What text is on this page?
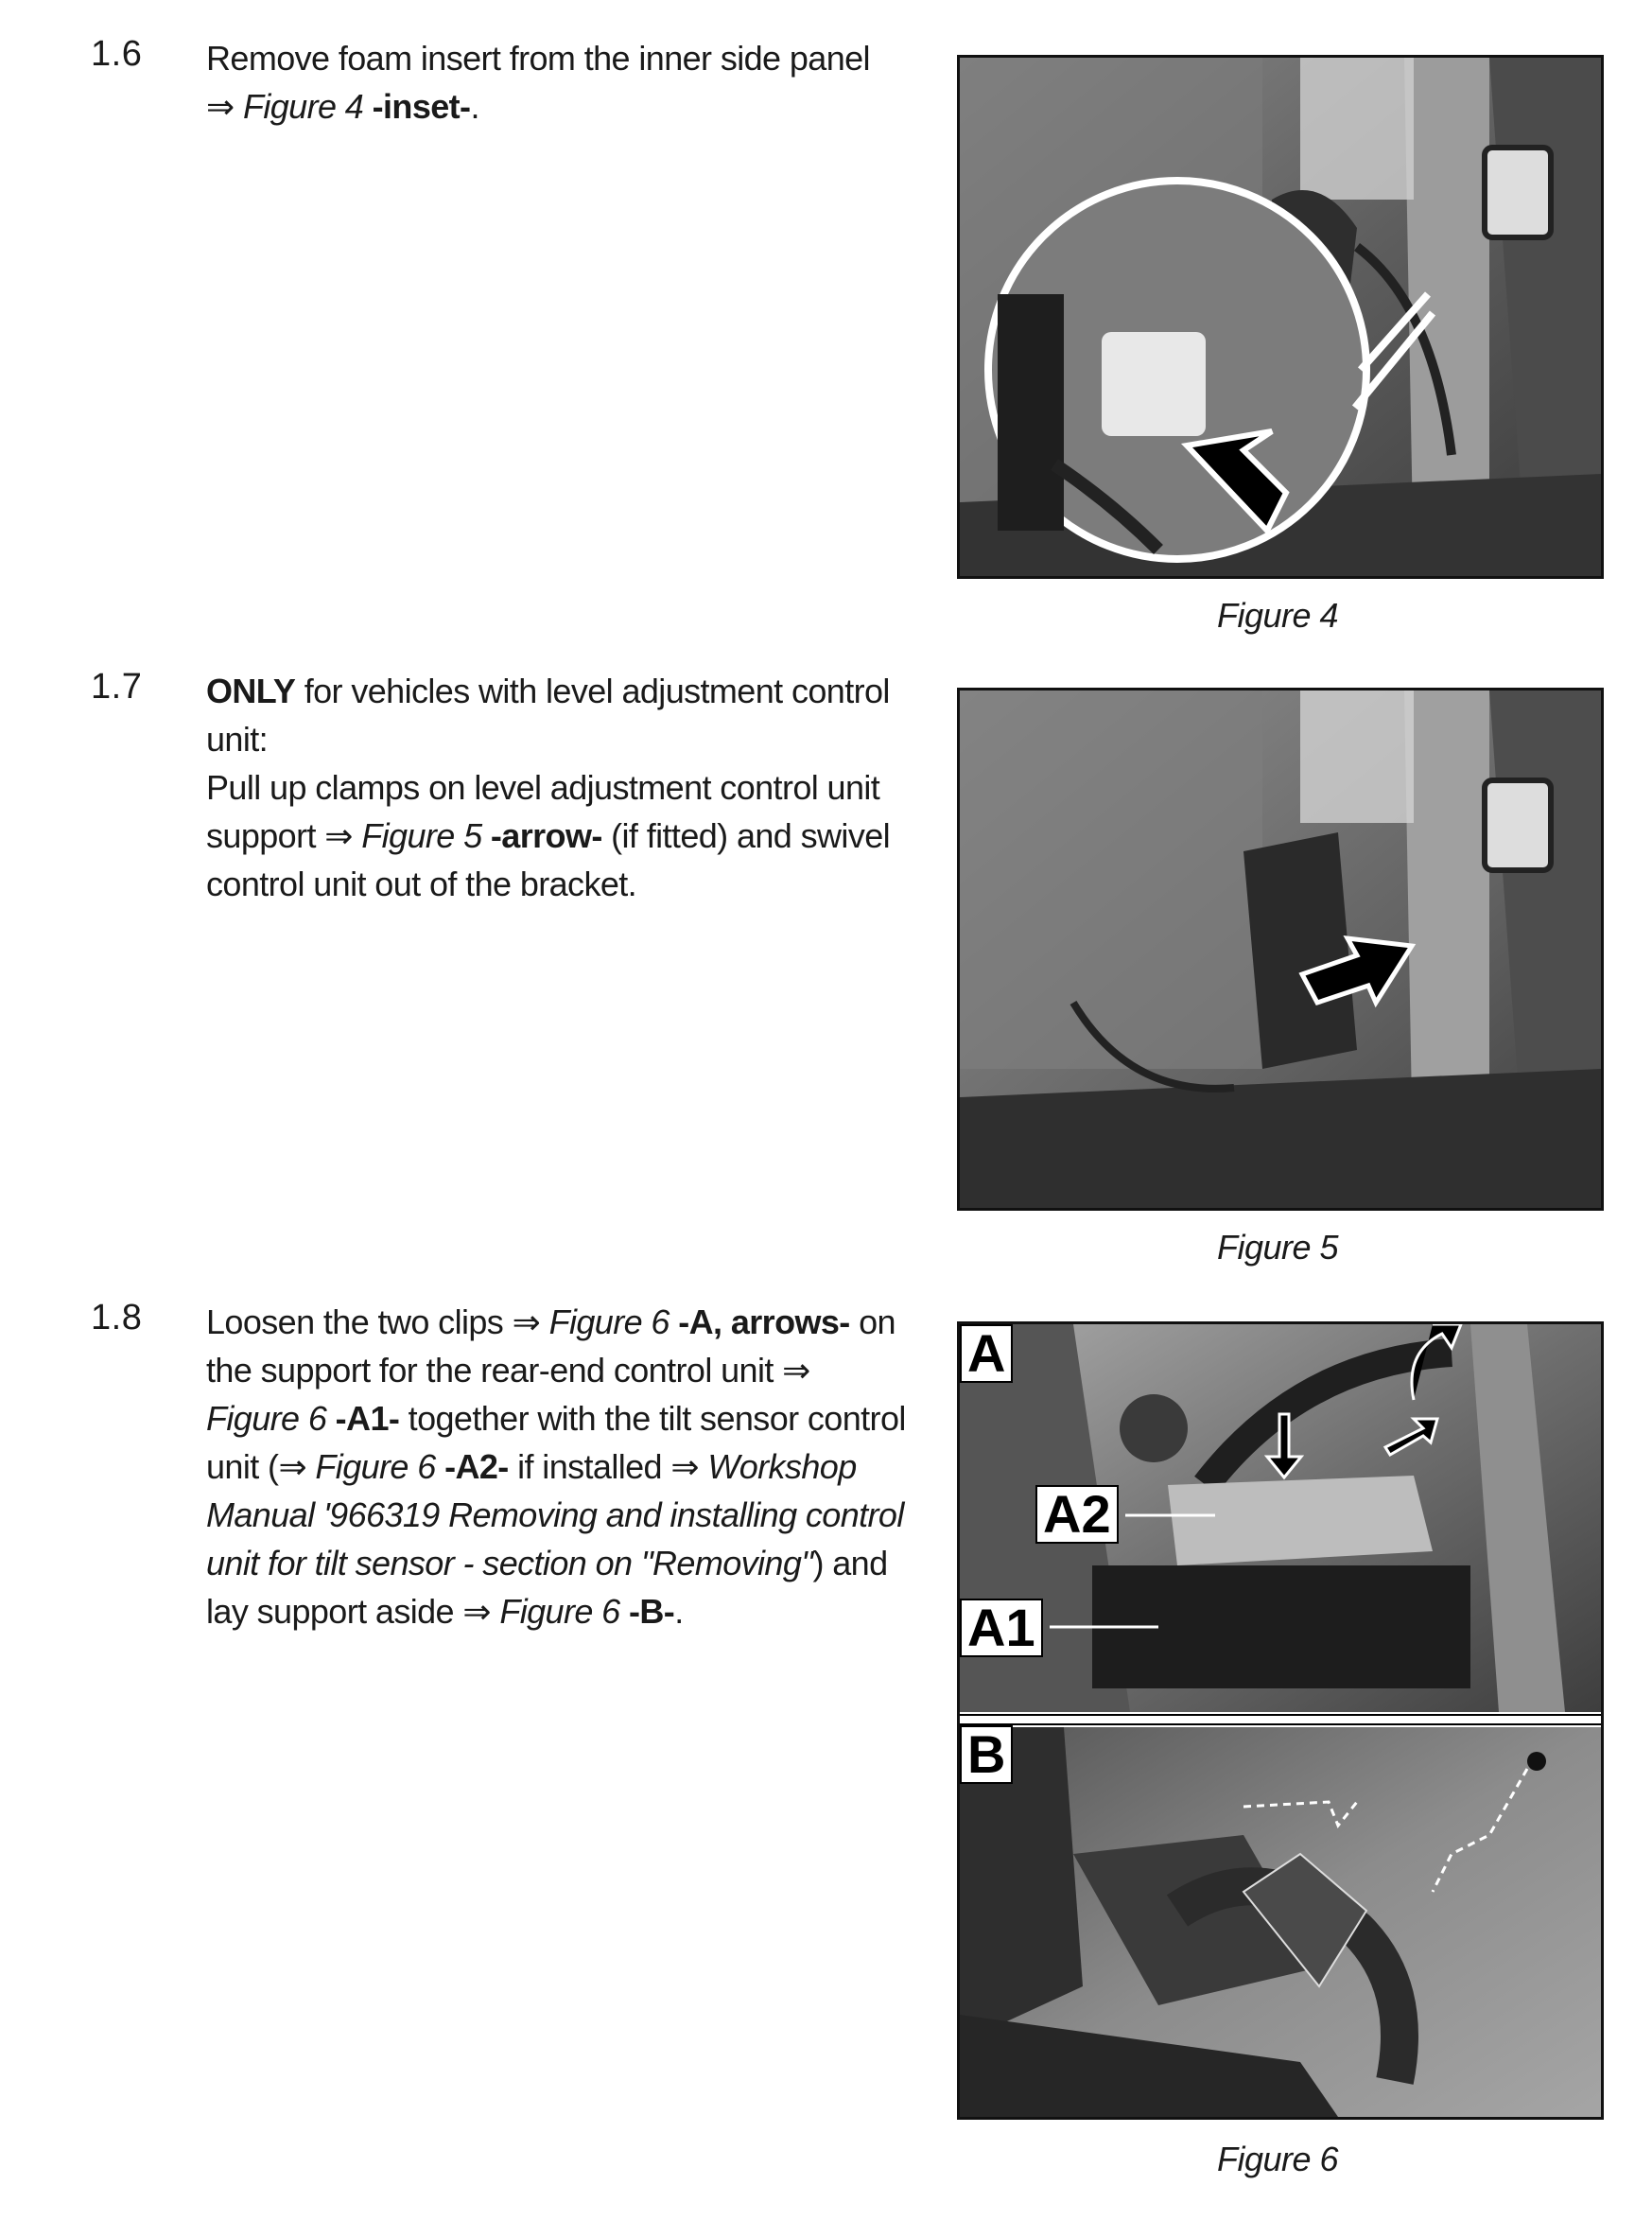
1.6 Remove foam insert from the inner side panel ⇒ Figure 4 -inset-.
1.7 ONLY for vehicles with level adjustment control unit:
Pull up clamps on level adjustment control unit support ⇒ Figure 5 -arrow- (if fitted) and swivel control unit out of the bracket.
1.8 Loosen the two clips ⇒ Figure 6 -A, arrows- on the support for the rear-end control unit ⇒ Figure 6 -A1- together with the tilt sensor control unit (⇒ Figure 6 -A2- if installed ⇒ Workshop Manual '966319 Removing and installing control unit for tilt sensor - section on "Removing") and lay support aside ⇒ Figure 6 -B-.
Figure 4
Figure 5
A
A2
A1
B
Figure 6
